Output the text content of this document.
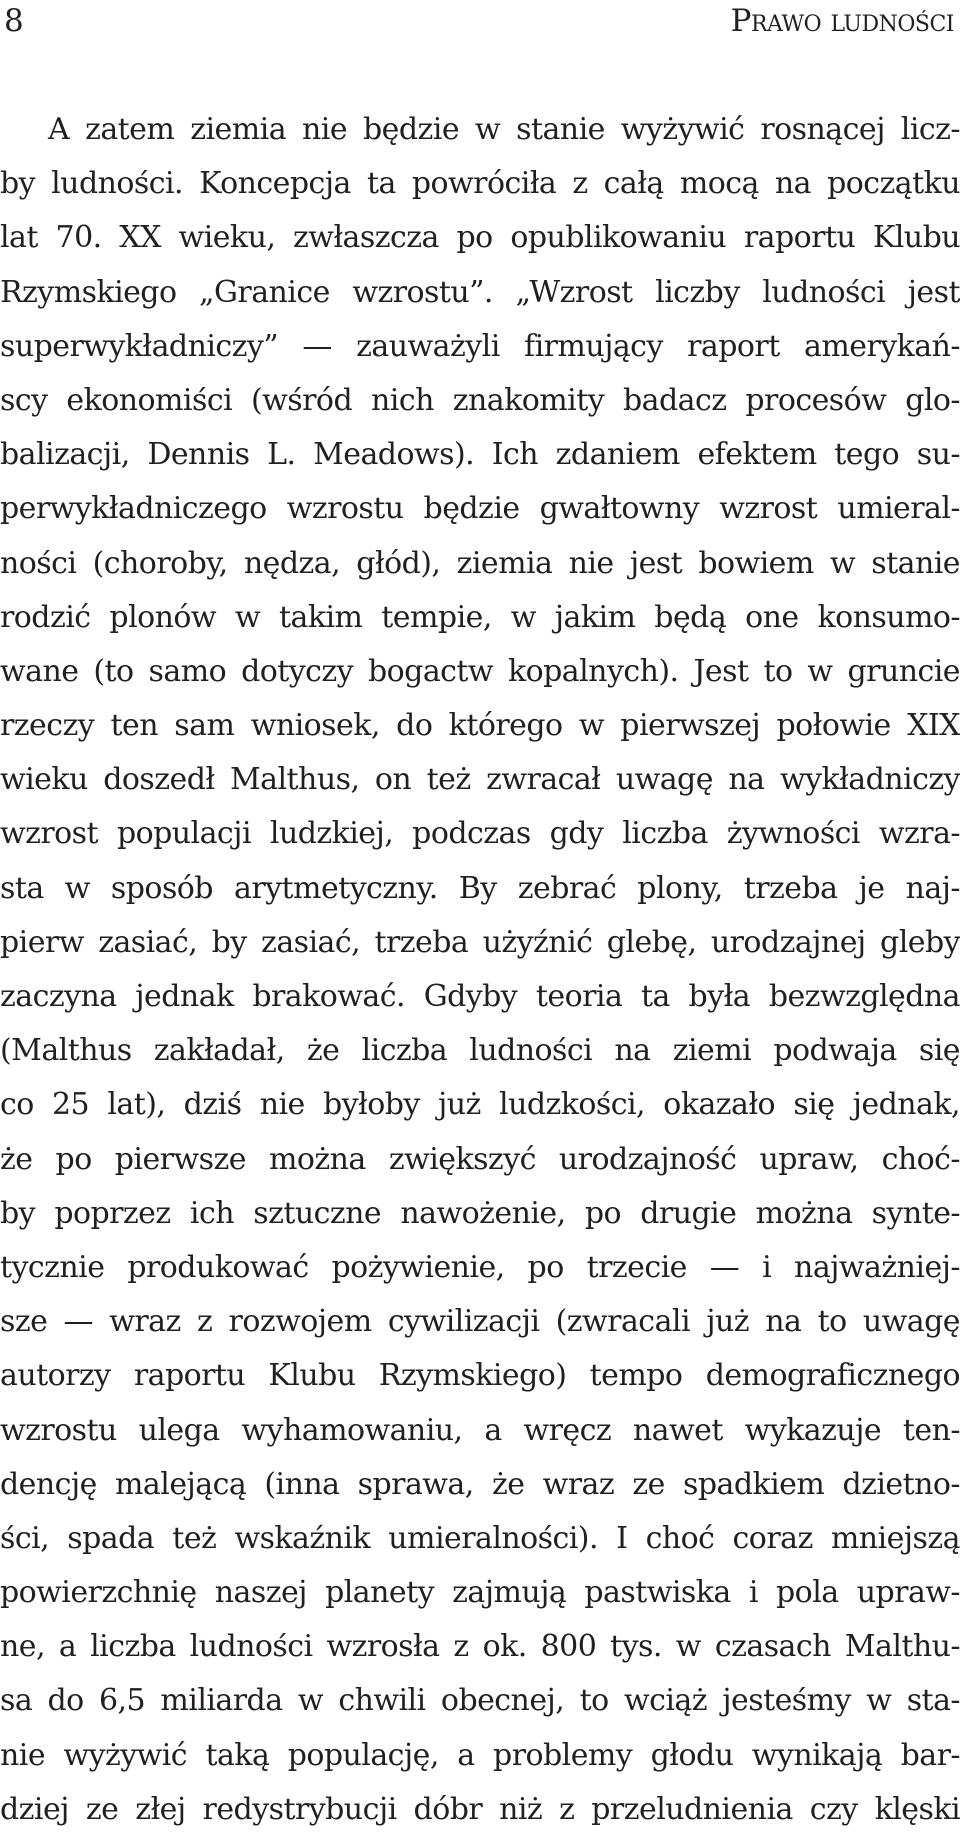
8	Prawo ludności
A zatem ziemia nie będzie w stanie wyżywić rosnącej licz-
by ludności. Koncepcja ta powróciła z całą mocą na początku
lat 70. XX wieku, zwłaszcza po opublikowaniu raportu Klubu
Rzymskiego „Granice wzrostu”. „Wzrost liczby ludności jest
superwykładniczy” — zauważyli firmujący raport amerykań-
scy ekonomiści (wśród nich znakomity badacz procesów glo-
balizacji, Dennis L. Meadows). Ich zdaniem efektem tego su-
perwykładniczego wzrostu będzie gwałtowny wzrost umieral-
ności (choroby, nędza, głód), ziemia nie jest bowiem w stanie
rodzić plonów w takim tempie, w jakim będą one konsumo-
wane (to samo dotyczy bogactw kopalnych). Jest to w gruncie
rzeczy ten sam wniosek, do którego w pierwszej połowie XIX
wieku doszedł Malthus, on też zwracał uwagę na wykładniczy
wzrost populacji ludzkiej, podczas gdy liczba żywności wzra-
sta w sposób arytmetyczny. By zebrać plony, trzeba je naj-
pierw zasiać, by zasiać, trzeba użyźnić glebę, urodzajnej gleby
zaczyna jednak brakować. Gdyby teoria ta była bezwzględna
(Malthus zakładał, że liczba ludności na ziemi podwaja się
co 25 lat), dziś nie byłoby już ludzkości, okazało się jednak,
że po pierwsze można zwiększyć urodzajność upraw, choć-
by poprzez ich sztuczne nawożenie, po drugie można synte-
tycznie produkować pożywienie, po trzecie — i najważniej-
sze — wraz z rozwojem cywilizacji (zwracali już na to uwagę
autorzy raportu Klubu Rzymskiego) tempo demograficznego
wzrostu ulega wyhamowaniu, a wręcz nawet wykazuje ten-
dencję malejącą (inna sprawa, że wraz ze spadkiem dzietno-
ści, spada też wskaźnik umieralności). I choć coraz mniejszą
powierzchnię naszej planety zajmują pastwiska i pola upraw-
ne, a liczba ludności wzrosła z ok. 800 tys. w czasach Malthu-
sa do 6,5 miliarda w chwili obecnej, to wciąż jesteśmy w sta-
nie wyżywić taką populację, a problemy głodu wynikają bar-
dziej ze złej redystrybucji dóbr niż z przeludnienia czy klęski
